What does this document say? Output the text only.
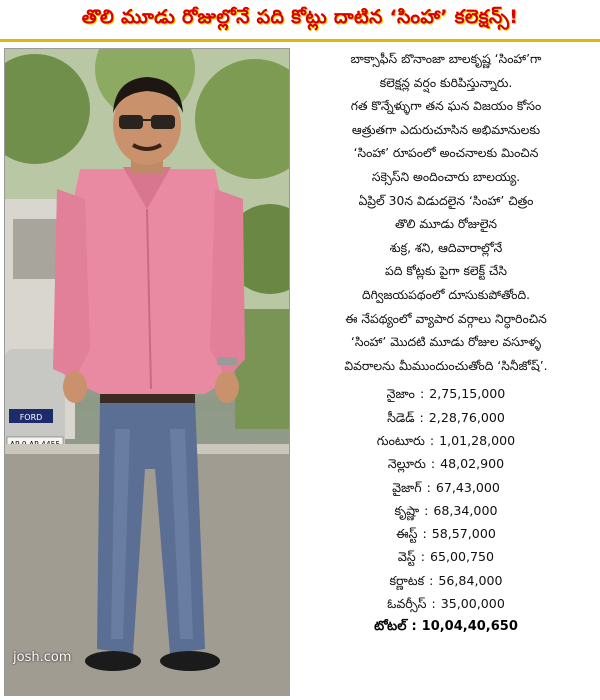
తొలి మూడు రోజుల్లోనే పది కోట్లు దాటిన ‘సింహా’ కలెక్షన్స్!
FORD
josh.com

బాక్సాఫీస్ బొనాంజా బాలకృష్ణ ‘సింహా’గా
కలెక్షన్ల వర్షం కురిపిస్తున్నారు.
గత కొన్నేళ్ళుగా తన ఘన విజయం కోసం
ఆత్రుతగా ఎదురుచూసిన అభిమానులకు
‘సింహా’ రూపంలో అంచనాలకు మించిన
సక్సెస్‌ని అందించారు బాలయ్య.
ఏప్రిల్ 30న విడుదలైన ‘సింహా’ చిత్రం
తొలి మూడు రోజులైన
శుక్ర, శని, ఆదివారాల్లోనే
పది కోట్లకు పైగా కలెక్ట్ చేసి
దిగ్విజయపథంలో దూసుకుపోతోంది.
ఈ నేపథ్యంలో వ్యాపార వర్గాలు నిర్ధారించిన
‘సింహా’ మొదటి మూడు రోజుల వసూళ్ళ
వివరాలను మీముందుంచుతోంది ‘సినీజోష్’.

నైజాం : 2,75,15,000
సీడెడ్ : 2,28,76,000
గుంటూరు : 1,01,28,000
నెల్లూరు : 48,02,900
వైజాగ్ : 67,43,000
కృష్ణా : 68,34,000
ఈస్ట్ : 58,57,000
వెస్ట్ : 65,00,750
కర్ణాటక : 56,84,000
ఓవర్సీస్ : 35,00,000
టోటల్ : 10,04,40,650
